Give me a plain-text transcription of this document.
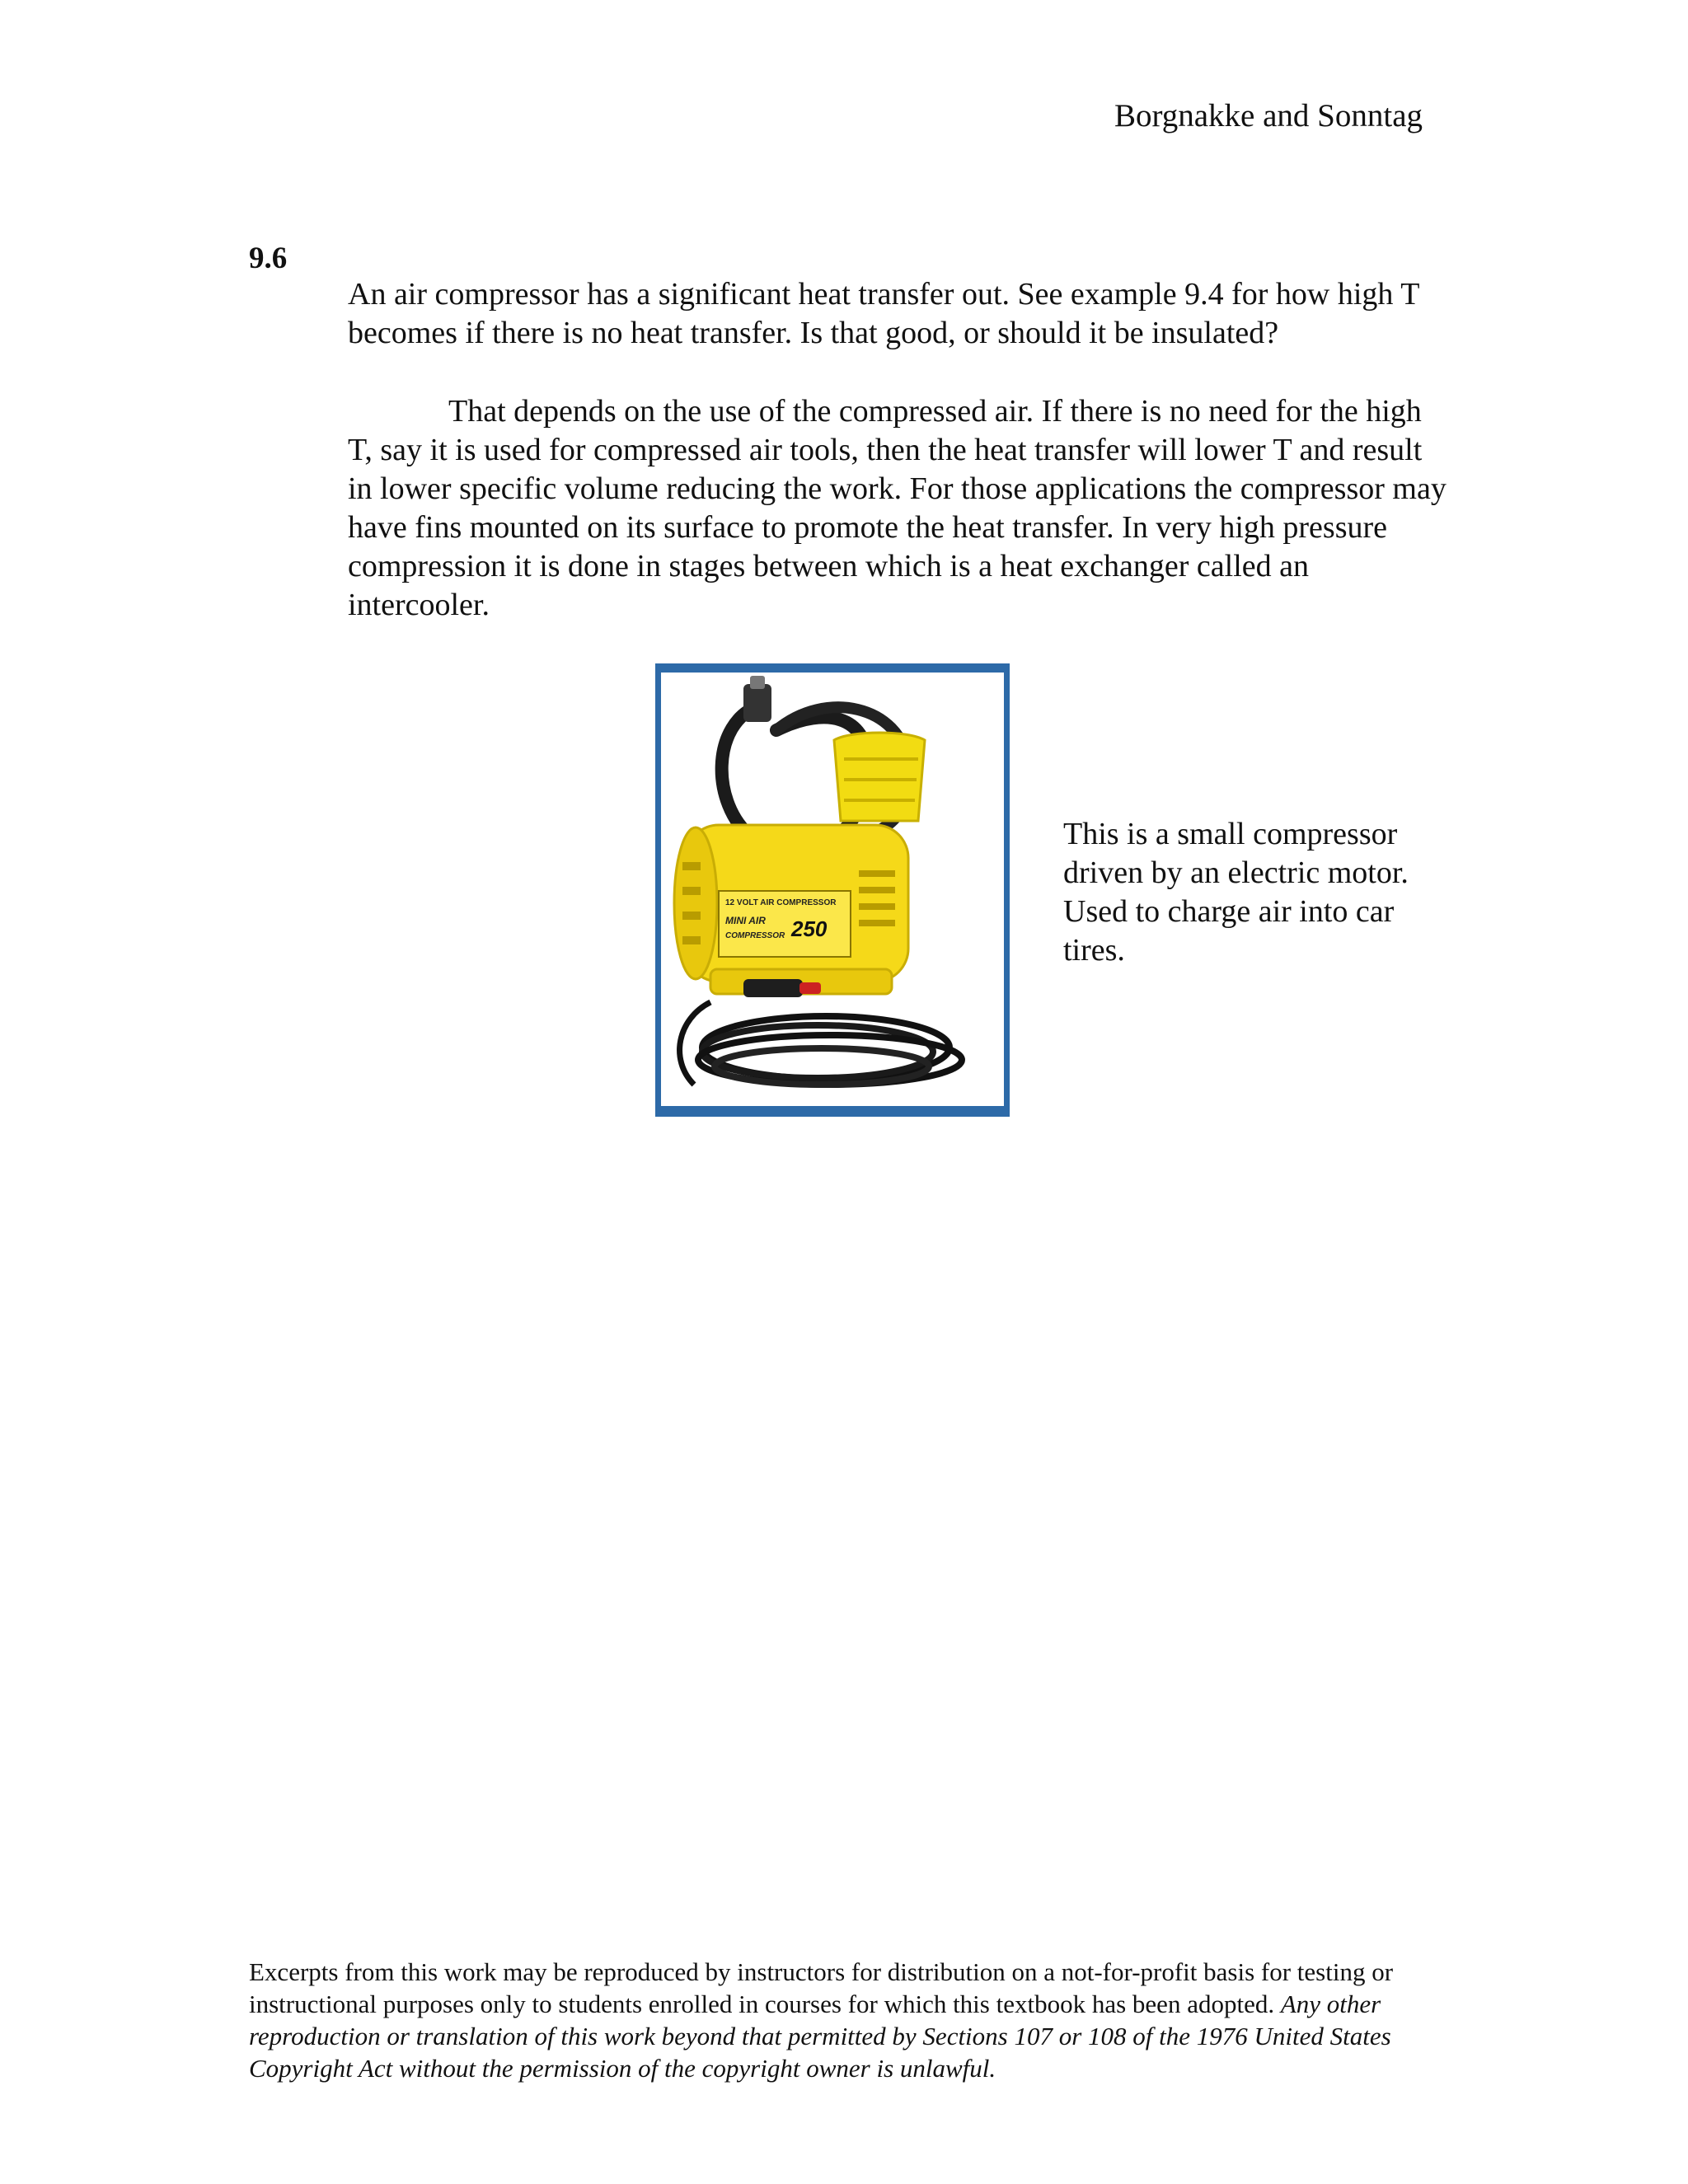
Borgnakke and Sonntag
9.6
An air compressor has a significant heat transfer out. See example 9.4 for how high T becomes if there is no heat transfer. Is that good, or should it be insulated?
That depends on the use of the compressed air. If there is no need for the high T, say it is used for compressed air tools, then the heat transfer will lower T and result in lower specific volume reducing the work. For those applications the compressor may have fins mounted on its surface to promote the heat transfer. In very high pressure compression it is done in stages between which is a heat exchanger called an intercooler.
12 VOLT AIR COMPRESSOR
MINI AIR
COMPRESSOR 250
This is a small compressor driven by an electric motor. Used to charge air into car tires.
Excerpts from this work may be reproduced by instructors for distribution on a not-for-profit basis for testing or instructional purposes only to students enrolled in courses for which this textbook has been adopted. Any other reproduction or translation of this work beyond that permitted by Sections 107 or 108 of the 1976 United States Copyright Act without the permission of the copyright owner is unlawful.
